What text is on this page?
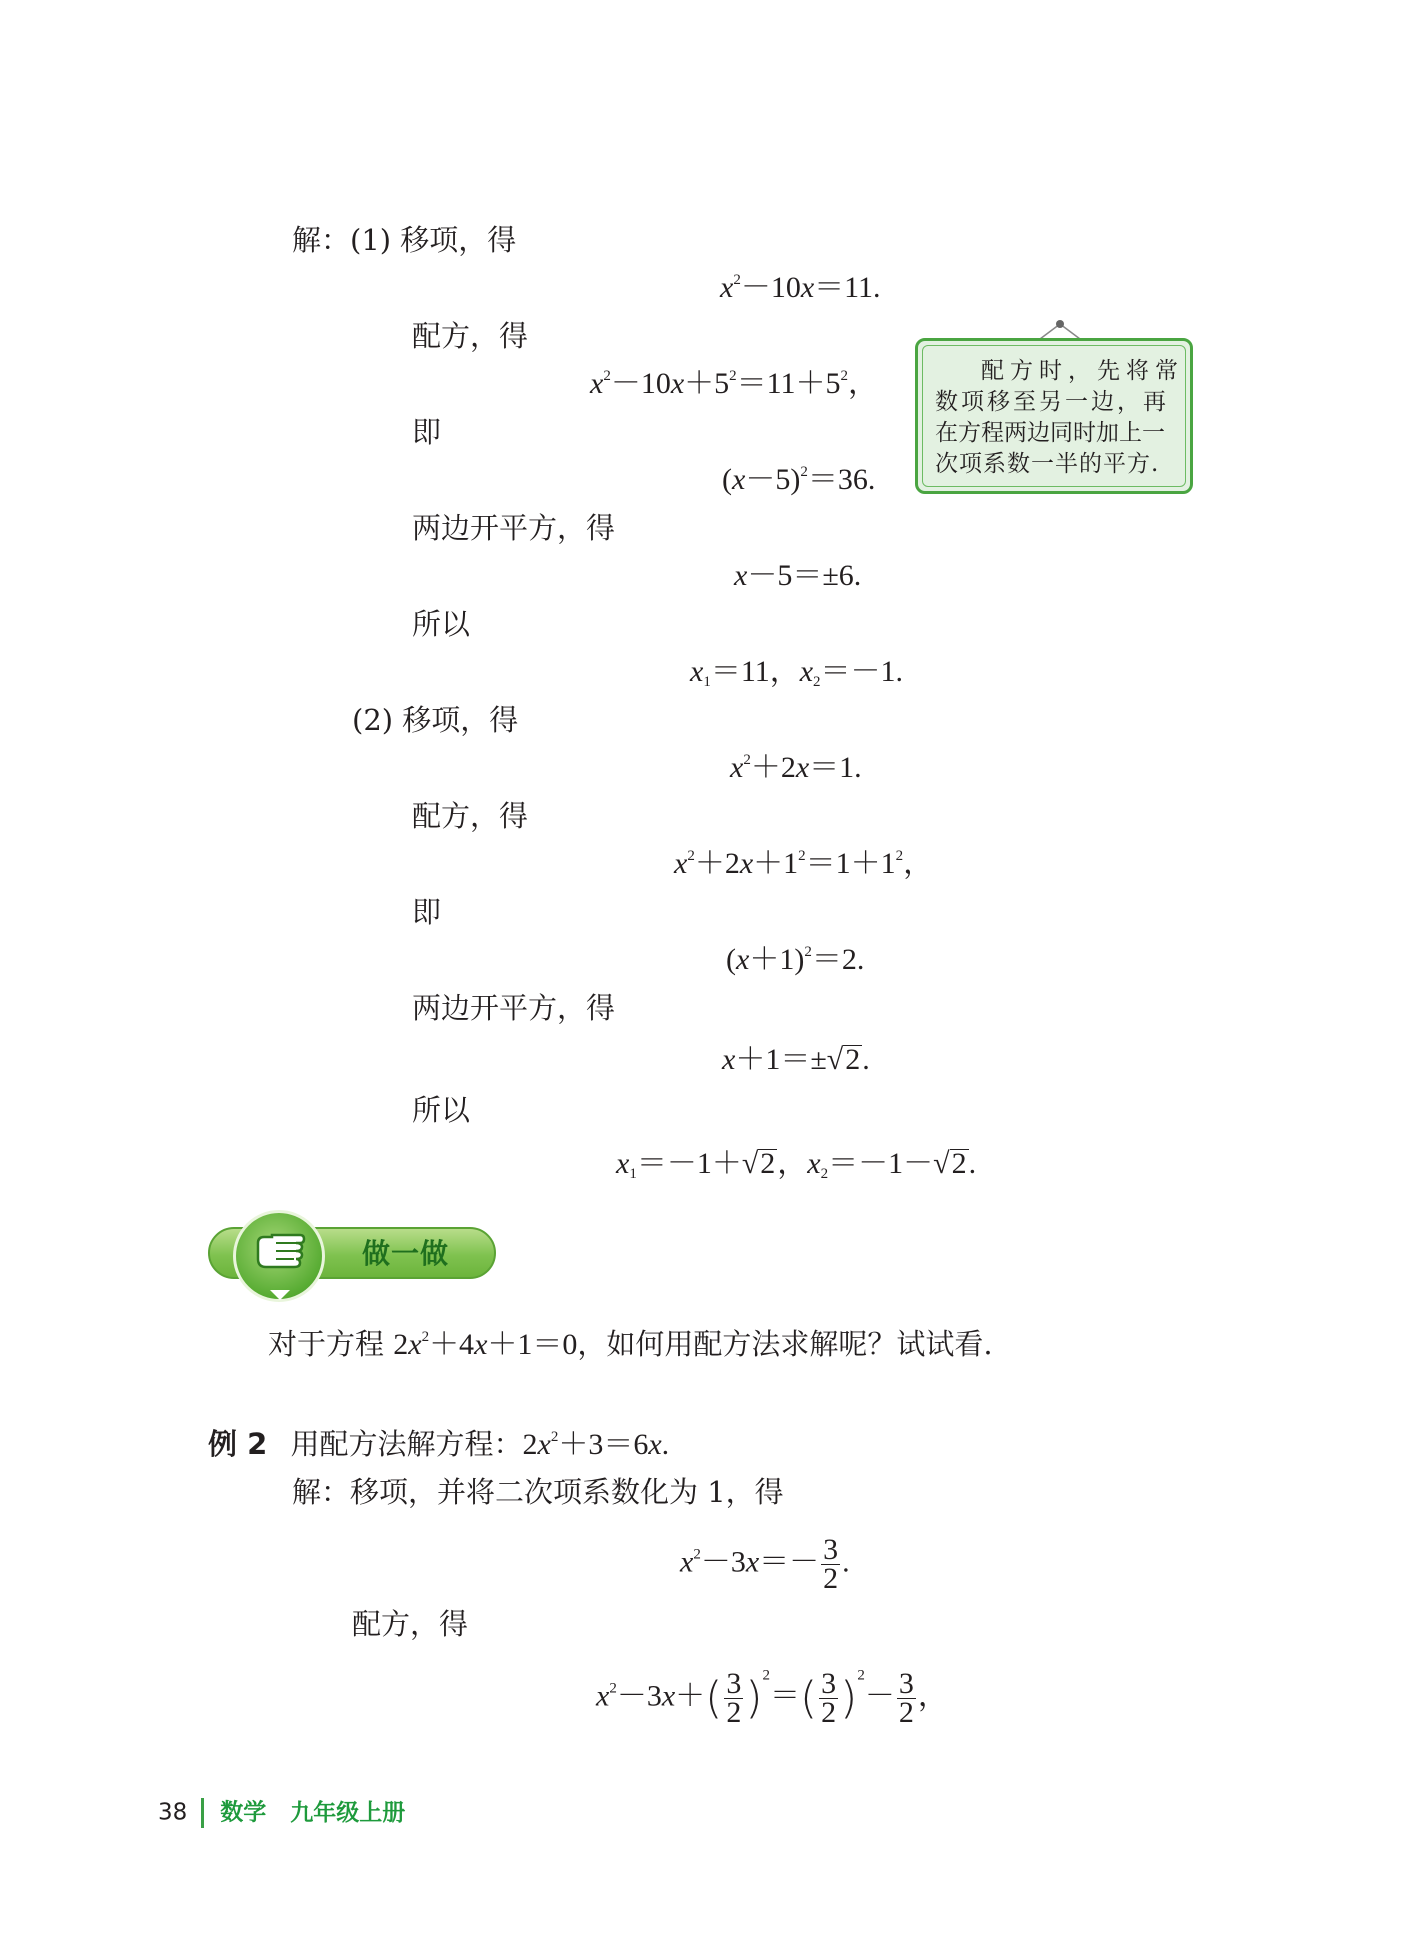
解：(1) 移项，得
$x^2-10x=11$.
配方，得
$x^2-10x+5^2=11+5^2$，
即
$(x-5)^2=36$.
两边开平方，得
x－5＝±6.
所以
$x_1=11$，$x_2=-1$.
配方时，先将常
数项移至另一边，再
在方程两边同时加上一
次项系数一半的平方.
(2) 移项，得
$x^2+2x=1$.
配方，得
$x^2+2x+1^2=1+1^2$，
即
$(x+1)^2=2$.
两边开平方，得
x＋1＝±√2.
所以
$x_1=-1+√2$，$x_2=-1-√2$.
做一做
对于方程 $2x^2+4x+1=0$，如何用配方法求解呢？试试看.
例 2 用配方法解方程：$2x^2+3=6x$.
解：移项，并将二次项系数化为 1，得
$x^2-3x=- \frac{3}{2}$ .
配方，得
$x^2-3x+( \frac{3}{2} )^2=( \frac{3}{2} )^2- \frac{3}{2}$ ，
38 数学 九年级上册
